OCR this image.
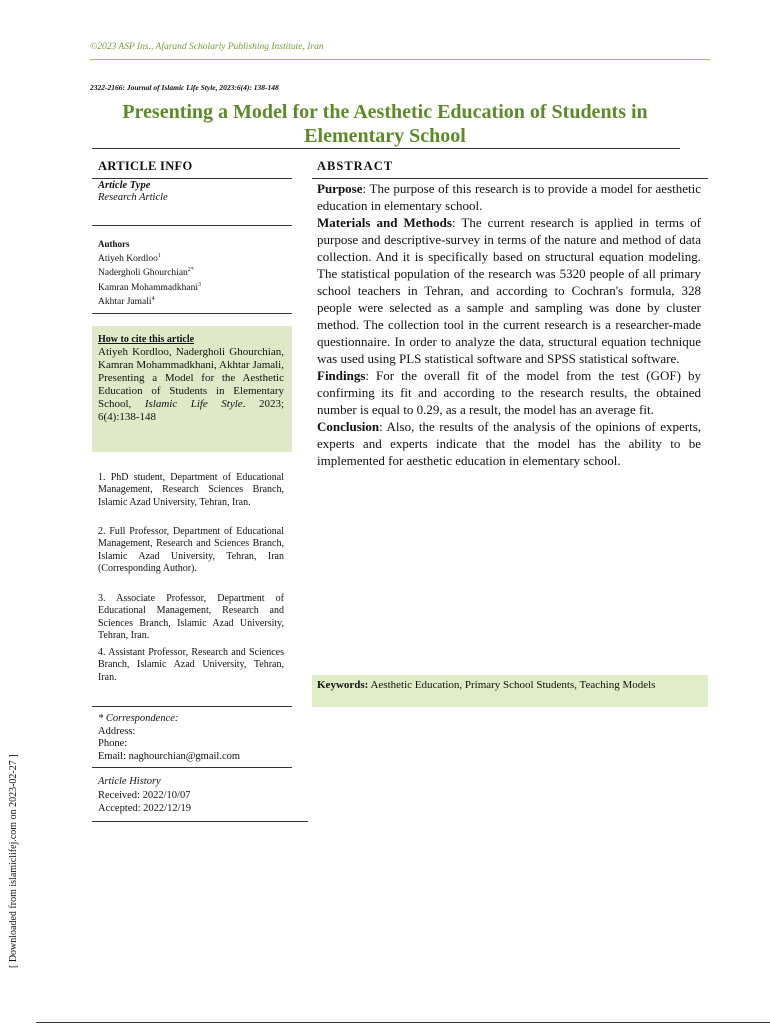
©2023 ASP Ins., Afarand Scholarly Publishing Institute, Iran
2322-2166: Journal of Islamic Life Style, 2023:6(4): 138-148
Presenting a Model for the Aesthetic Education of Students in Elementary School
ARTICLE INFO
Article Type
Research Article
Authors
Atiyeh Kordloo$^1$
Nadergholi Ghourchian$^{2*}$
Kamran Mohammadkhani$^3$
Akhtar Jamali$^4$
How to cite this article
Atiyeh Kordloo, Nadergholi Ghourchian, Kamran Mohammadkhani, Akhtar Jamali, Presenting a Model for the Aesthetic Education of Students in Elementary School, Islamic Life Style. 2023; 6(4):138-148
1. PhD student, Department of Educational Management, Research Sciences Branch, Islamic Azad University, Tehran, Iran.
2. Full Professor, Department of Educational Management, Research and Sciences Branch, Islamic Azad University, Tehran, Iran (Corresponding Author).
3. Associate Professor, Department of Educational Management, Research and Sciences Branch, Islamic Azad University, Tehran, Iran.
4. Assistant Professor, Research and Sciences Branch, Islamic Azad University, Tehran, Iran.
* Correspondence:
Address:
Phone:
Email: naghourchian@gmail.com
Article History
Received: 2022/10/07
Accepted: 2022/12/19
ABSTRACT

Purpose: The purpose of this research is to provide a model for aesthetic education in elementary school.

Materials and Methods: The current research is applied in terms of purpose and descriptive-survey in terms of the nature and method of data collection. And it is specifically based on structural equation modeling. The statistical population of the research was 5320 people of all primary school teachers in Tehran, and according to Cochran's formula, 328 people were selected as a sample and sampling was done by cluster method. The collection tool in the current research is a researcher-made questionnaire. In order to analyze the data, structural equation technique was used using PLS statistical software and SPSS statistical software.

Findings: For the overall fit of the model from the test (GOF) by confirming its fit and according to the research results, the obtained number is equal to 0.29, as a result, the model has an average fit.

Conclusion: Also, the results of the analysis of the opinions of experts, experts and experts indicate that the model has the ability to be implemented for aesthetic education in elementary school.

Keywords: Aesthetic Education, Primary School Students, Teaching Models
[ Downloaded from islamiclifej.com on 2023-02-27 ]
